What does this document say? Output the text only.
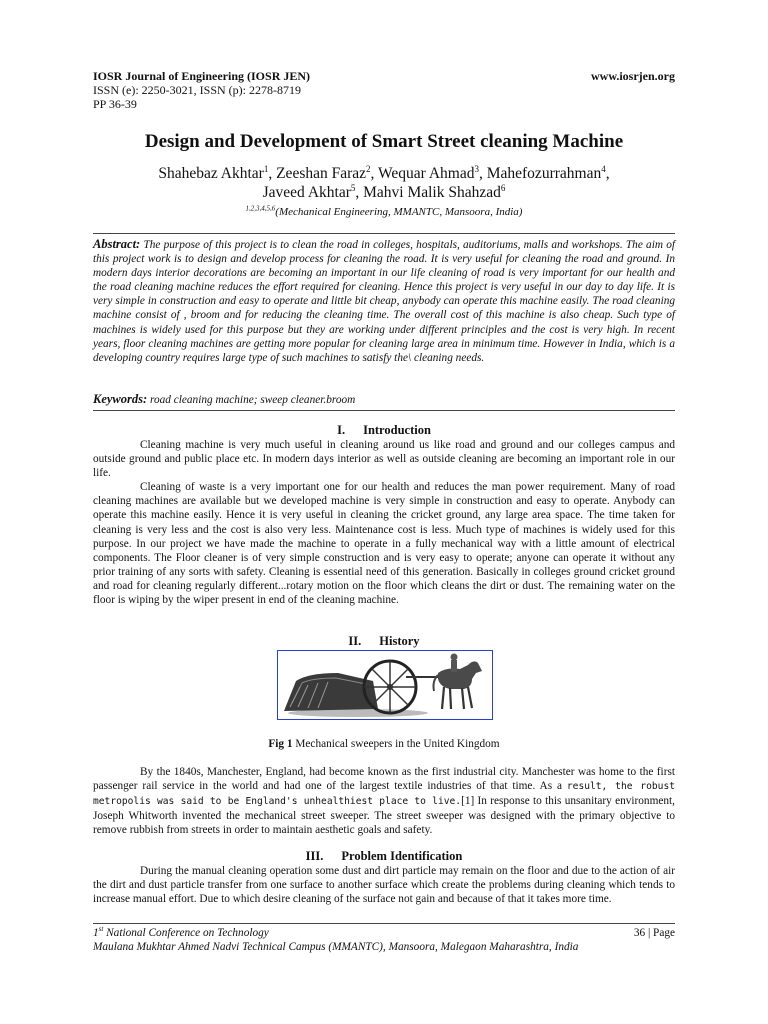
IOSR Journal of Engineering (IOSR JEN)	www.iosrjen.org
ISSN (e): 2250-3021, ISSN (p): 2278-8719
PP 36-39
Design and Development of Smart Street cleaning Machine
Shahebaz Akhtar$^1$, Zeeshan Faraz$^2$, Wequar Ahmad$^3$, Mahefozurrahman$^4$,
Javeed Akhtar$^5$, Mahvi Malik Shahzad$^6$
$^{1,2,3,4,5,6}$(Mechanical Engineering, MMANTC, Mansoora, India)
Abstract: The purpose of this project is to clean the road in colleges, hospitals, auditoriums, malls and workshops. The aim of this project work is to design and develop process for cleaning the road. It is very useful for cleaning the road and ground. In modern days interior decorations are becoming an important in our life cleaning of road is very important for our health and the road cleaning machine reduces the effort required for cleaning. Hence this project is very useful in our day to day life. It is very simple in construction and easy to operate and little bit cheap, anybody can operate this machine easily. The road cleaning machine consist of , broom and for reducing the cleaning time. The overall cost of this machine is also cheap. Such type of machines is widely used for this purpose but they are working under different principles and the cost is very high. In recent years, floor cleaning machines are getting more popular for cleaning large area in minimum time. However in India, which is a developing country requires large type of such machines to satisfy the\ cleaning needs.
Keywords: road cleaning machine; sweep cleaner.broom
I. Introduction

Cleaning machine is very much useful in cleaning around us like road and ground and our colleges campus and outside ground and public place etc. In modern days interior as well as outside cleaning are becoming an important role in our life.

Cleaning of waste is a very important one for our health and reduces the man power requirement. Many of road cleaning machines are available but we developed machine is very simple in construction and easy to operate. Anybody can operate this machine easily. Hence it is very useful in cleaning the cricket ground, any large area space. The time taken for cleaning is very less and the cost is also very less. Maintenance cost is less. Much type of machines is widely used for this purpose. In our project we have made the machine to operate in a fully mechanical way with a little amount of electrical components. The Floor cleaner is of very simple construction and is very easy to operate; anyone can operate it without any prior training of any sorts with safety. Cleaning is essential need of this generation. Basically in colleges ground cricket ground and road for cleaning regularly different...rotary motion on the floor which cleans the dirt or dust. The remaining water on the floor is wiping by the wiper present in end of the cleaning machine.

II. History
Fig 1 Mechanical sweepers in the United Kingdom

By the 1840s, Manchester, England, had become known as the first industrial city. Manchester was home to the first passenger rail service in the world and had one of the largest textile industries of that time. As a result, the robust metropolis was said to be England's unhealthiest place to live.[1] In response to this unsanitary environment, Joseph Whitworth invented the mechanical street sweeper. The street sweeper was designed with the primary objective to remove rubbish from streets in order to maintain aesthetic goals and safety.

III. Problem Identification

During the manual cleaning operation some dust and dirt particle may remain on the floor and due to the action of air the dirt and dust particle transfer from one surface to another surface which create the problems during cleaning which tends to increase manual effort. Due to which desire cleaning of the surface not gain and because of that it takes more time.

1st National Conference on Technology	36 | Page
Maulana Mukhtar Ahmed Nadvi Technical Campus (MMANTC), Mansoora, Malegaon Maharashtra, India
